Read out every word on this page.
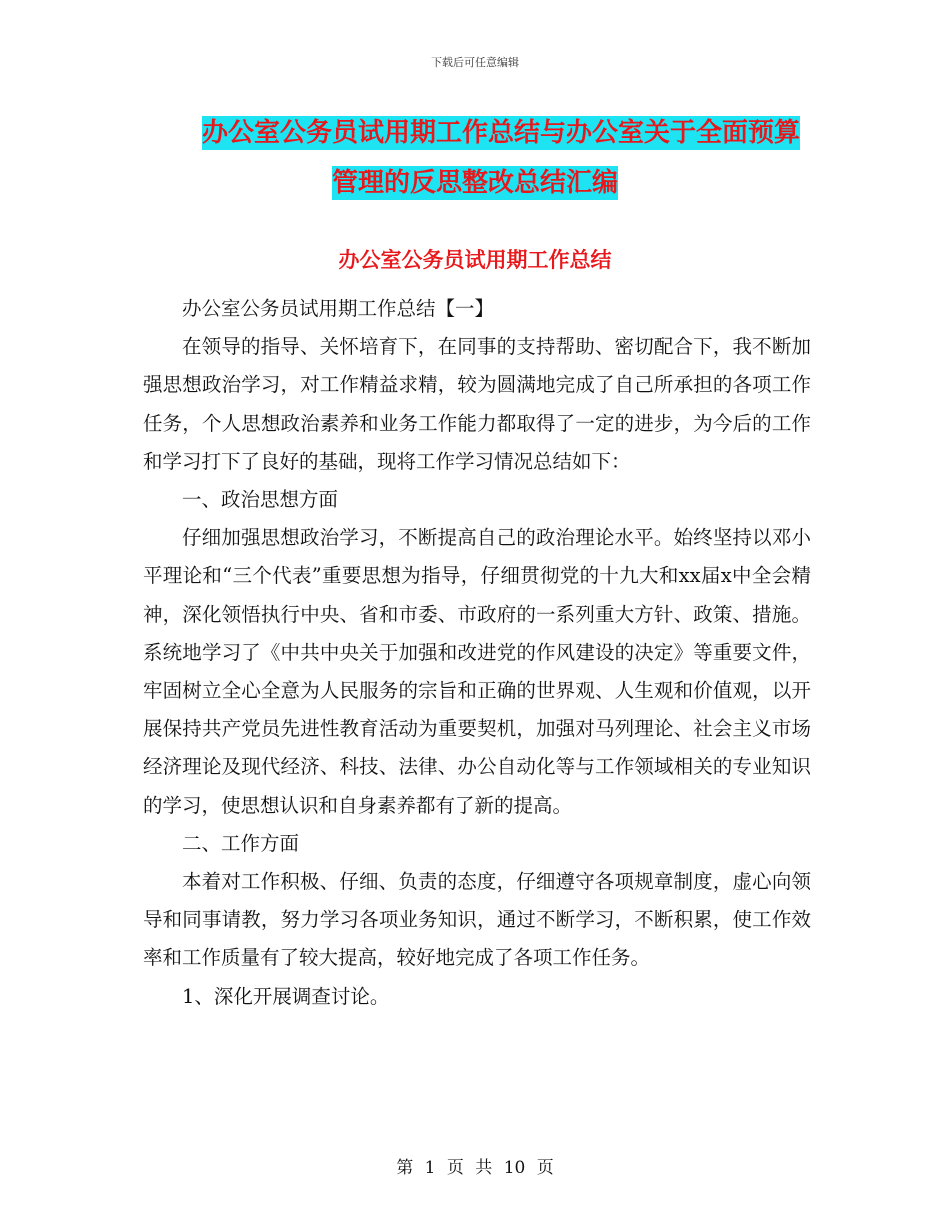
下载后可任意编辑
办公室公务员试用期工作总结与办公室关于全面预算
管理的反思整改总结汇编
办公室公务员试用期工作总结

办公室公务员试用期工作总结【一】

在领导的指导、关怀培育下，在同事的支持帮助、密切配合下，我不断加强思想政治学习，对工作精益求精，较为圆满地完成了自己所承担的各项工作任务，个人思想政治素养和业务工作能力都取得了一定的进步，为今后的工作和学习打下了良好的基础，现将工作学习情况总结如下：

一、政治思想方面

仔细加强思想政治学习，不断提高自己的政治理论水平。始终坚持以邓小平理论和“三个代表”重要思想为指导，仔细贯彻党的十九大和xx届x中全会精神，深化领悟执行中央、省和市委、市政府的一系列重大方针、政策、措施。系统地学习了《中共中央关于加强和改进党的作风建设的决定》等重要文件，牢固树立全心全意为人民服务的宗旨和正确的世界观、人生观和价值观，以开展保持共产党员先进性教育活动为重要契机，加强对马列理论、社会主义市场经济理论及现代经济、科技、法律、办公自动化等与工作领域相关的专业知识的学习，使思想认识和自身素养都有了新的提高。

二、工作方面

本着对工作积极、仔细、负责的态度，仔细遵守各项规章制度，虚心向领导和同事请教，努力学习各项业务知识，通过不断学习，不断积累，使工作效率和工作质量有了较大提高，较好地完成了各项工作任务。

1、深化开展调查讨论。

第 1 页 共 10 页
